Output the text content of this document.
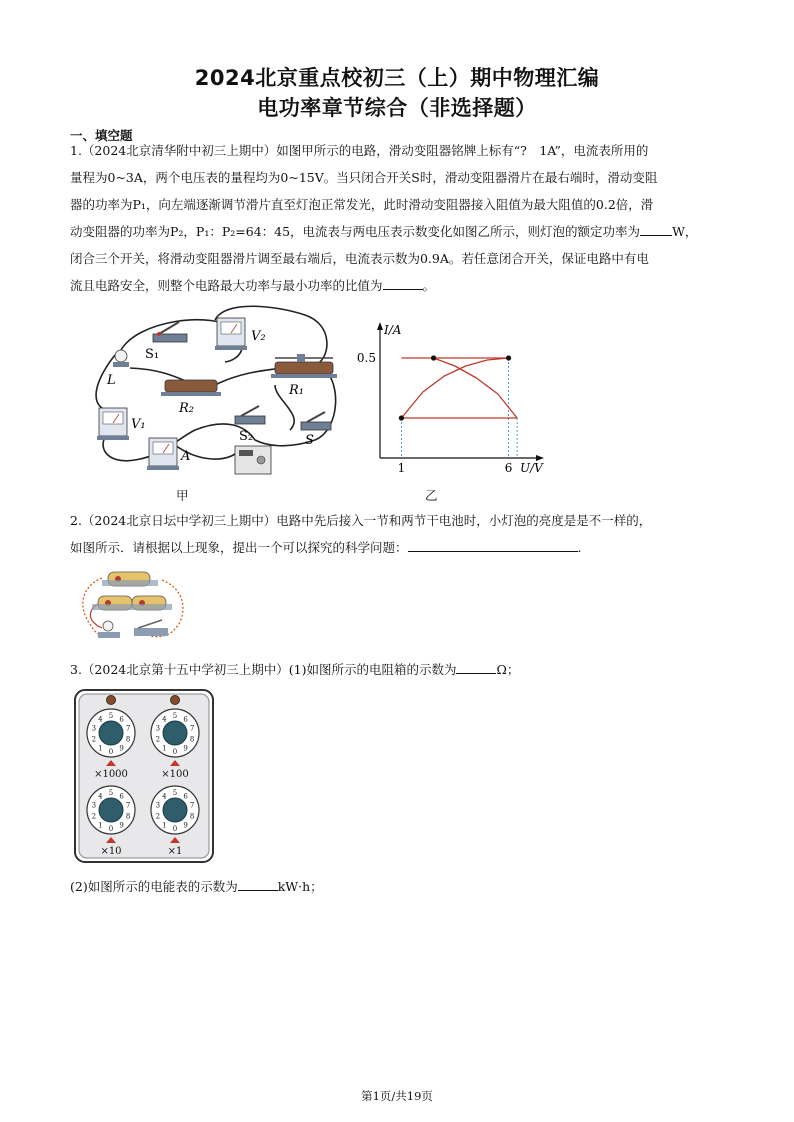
2024北京重点校初三（上）期中物理汇编
电功率章节综合（非选择题）
一、填空题
1.（2024北京清华附中初三上期中）如图甲所示的电路，滑动变阻器铭牌上标有“?　1A”，电流表所用的
量程为0~3A，两个电压表的量程均为0~15V。当只闭合开关S时，滑动变阻器滑片在最右端时，滑动变阻
器的功率为P₁，向左端逐渐调节滑片直至灯泡正常发光，此时滑动变阻器接入阻值为最大阻值的0.2倍，滑
动变阻器的功率为P₂，P₁：P₂=64：45，电流表与两电压表示数变化如图乙所示，则灯泡的额定功率为	W，
闭合三个开关，将滑动变阻器滑片调至最右端后，电流表示数为0.9A。若任意闭合开关，保证电路中有电
流且电路安全，则整个电路最大功率与最小功率的比值为	。
S₁
V₂
L
R₁
R₂
V₁
S₂	S
A
甲
U/V
I/A
1	6
0.5
乙
2.（2024北京日坛中学初三上期中）电路中先后接入一节和两节干电池时，小灯泡的亮度是是不一样的，
如图所示．请根据以上现象，提出一个可以探究的科学问题：	.
3.（2024北京第十五中学初三上期中）(1)如图所示的电阻箱的示数为	Ω；
0
1
2
3
4 5 6
7
8
9
×1000
0
1
2
3
4 5 6
7
8
9
×100
0
1
2
3
4 5 6
7
8
9
×10
0
1
2
3
4 5 6
7
8
9
×1
(2)如图所示的电能表的示数为	kW·h；
第1页/共19页
